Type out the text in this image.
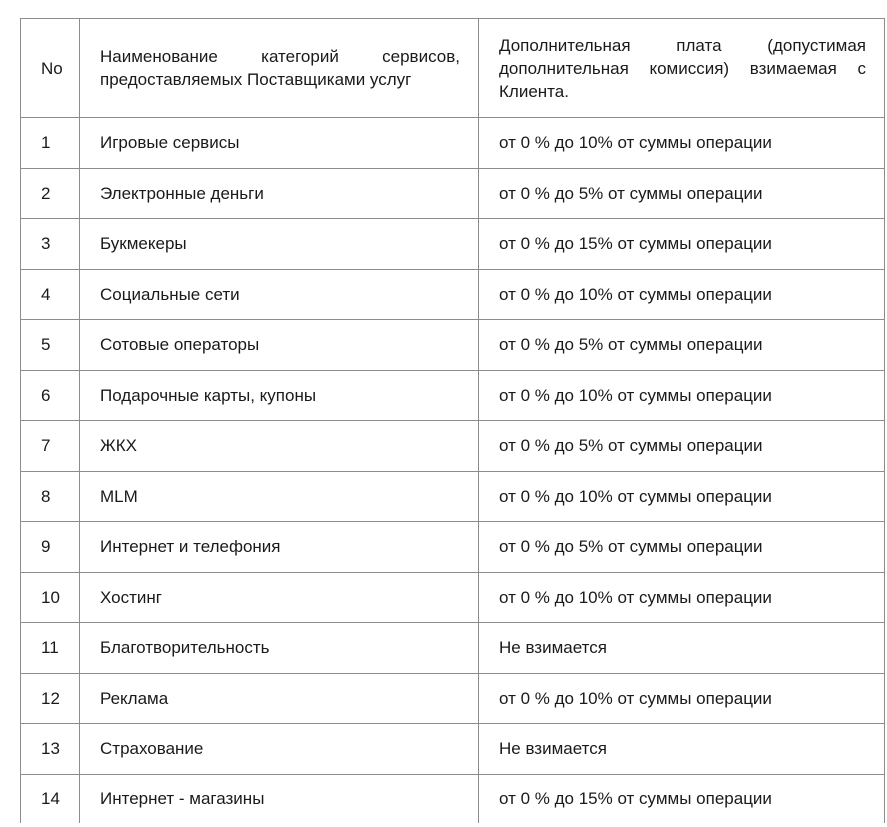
No	Наименование категорий сервисов, предоставляемых Поставщиками услуг	Дополнительная плата (допустимая дополнительная комиссия) взимаемая с Клиента.
1	Игровые сервисы	от 0 % до 10% от суммы операции
2	Электронные деньги	от 0 % до 5% от суммы операции
3	Букмекеры	от 0 % до 15% от суммы операции
4	Социальные сети	от 0 % до 10% от суммы операции
5	Сотовые операторы	от 0 % до 5% от суммы операции
6	Подарочные карты, купоны	от 0 % до 10% от суммы операции
7	ЖКХ	от 0 % до 5% от суммы операции
8	MLM	от 0 % до 10% от суммы операции
9	Интернет и телефония	от 0 % до 5% от суммы операции
10	Хостинг	от 0 % до 10% от суммы операции
11	Благотворительность	Не взимается
12	Реклама	от 0 % до 10% от суммы операции
13	Страхование	Не взимается
14	Интернет - магазины	от 0 % до 15% от суммы операции
